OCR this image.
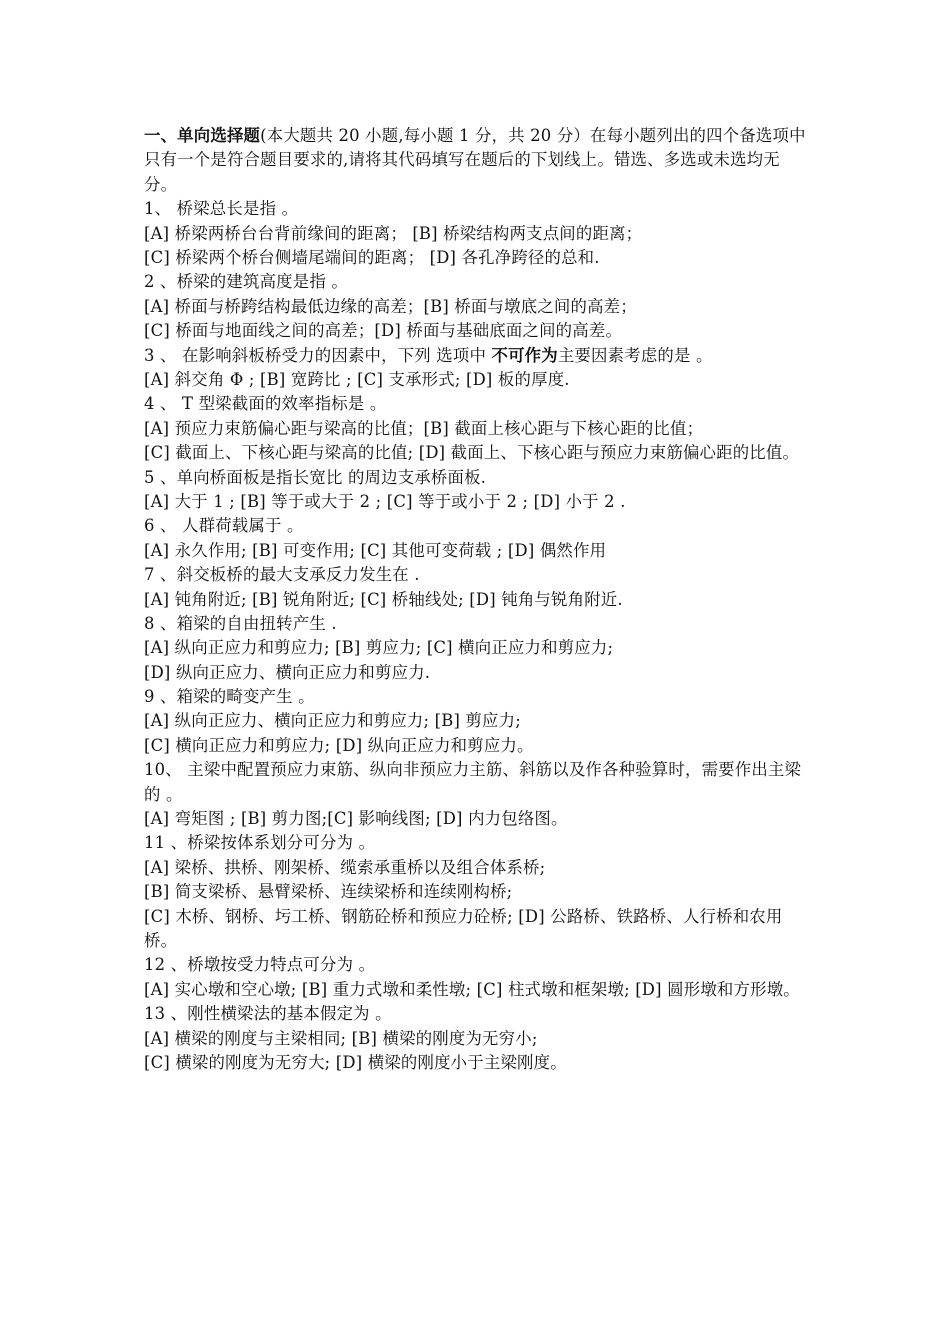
一、单向选择题(本大题共 20 小题,每小题 1 分，共 20 分）在每小题列出的四个备选项中只有一个是符合题目要求的,请将其代码填写在题后的下划线上。错选、多选或未选均无分。
1、 桥梁总长是指 。
[A] 桥梁两桥台台背前缘间的距离； [B] 桥梁结构两支点间的距离；
[C] 桥梁两个桥台侧墙尾端间的距离； [D] 各孔净跨径的总和.
2 、桥梁的建筑高度是指 。
[A] 桥面与桥跨结构最低边缘的高差；[B] 桥面与墩底之间的高差；
[C] 桥面与地面线之间的高差；[D] 桥面与基础底面之间的高差。
3 、 在影响斜板桥受力的因素中，下列 选项中 不可作为主要因素考虑的是 。
[A] 斜交角 Φ ; [B] 宽跨比 ; [C] 支承形式; [D] 板的厚度.
4 、 T 型梁截面的效率指标是 。
[A] 预应力束筋偏心距与梁高的比值；[B] 截面上核心距与下核心距的比值；
[C] 截面上、下核心距与梁高的比值; [D] 截面上、下核心距与预应力束筋偏心距的比值。
5 、单向桥面板是指长宽比 的周边支承桥面板.
[A] 大于 1 ; [B] 等于或大于 2 ; [C] 等于或小于 2 ; [D] 小于 2 .
6 、 人群荷载属于 。
[A] 永久作用; [B] 可变作用; [C] 其他可变荷载 ; [D] 偶然作用
7 、斜交板桥的最大支承反力发生在 .
[A] 钝角附近; [B] 锐角附近; [C] 桥轴线处; [D] 钝角与锐角附近.
8 、箱梁的自由扭转产生 .
[A] 纵向正应力和剪应力; [B] 剪应力; [C] 横向正应力和剪应力;
[D] 纵向正应力、横向正应力和剪应力.
9 、箱梁的畸变产生 。
[A] 纵向正应力、横向正应力和剪应力; [B] 剪应力;
[C] 横向正应力和剪应力; [D] 纵向正应力和剪应力。
10、 主梁中配置预应力束筋、纵向非预应力主筋、斜筋以及作各种验算时，需要作出主梁的 。
[A] 弯矩图 ; [B] 剪力图;[C] 影响线图; [D] 内力包络图。
11 、桥梁按体系划分可分为 。
[A] 梁桥、拱桥、刚架桥、缆索承重桥以及组合体系桥;
[B] 简支梁桥、悬臂梁桥、连续梁桥和连续刚构桥;
[C] 木桥、钢桥、圬工桥、钢筋砼桥和预应力砼桥; [D] 公路桥、铁路桥、人行桥和农用桥。
12 、桥墩按受力特点可分为 。
[A] 实心墩和空心墩; [B] 重力式墩和柔性墩; [C] 柱式墩和框架墩; [D] 圆形墩和方形墩。
13 、刚性横梁法的基本假定为 。
[A] 横梁的刚度与主梁相同; [B] 横梁的刚度为无穷小;
[C] 横梁的刚度为无穷大; [D] 横梁的刚度小于主梁刚度。
